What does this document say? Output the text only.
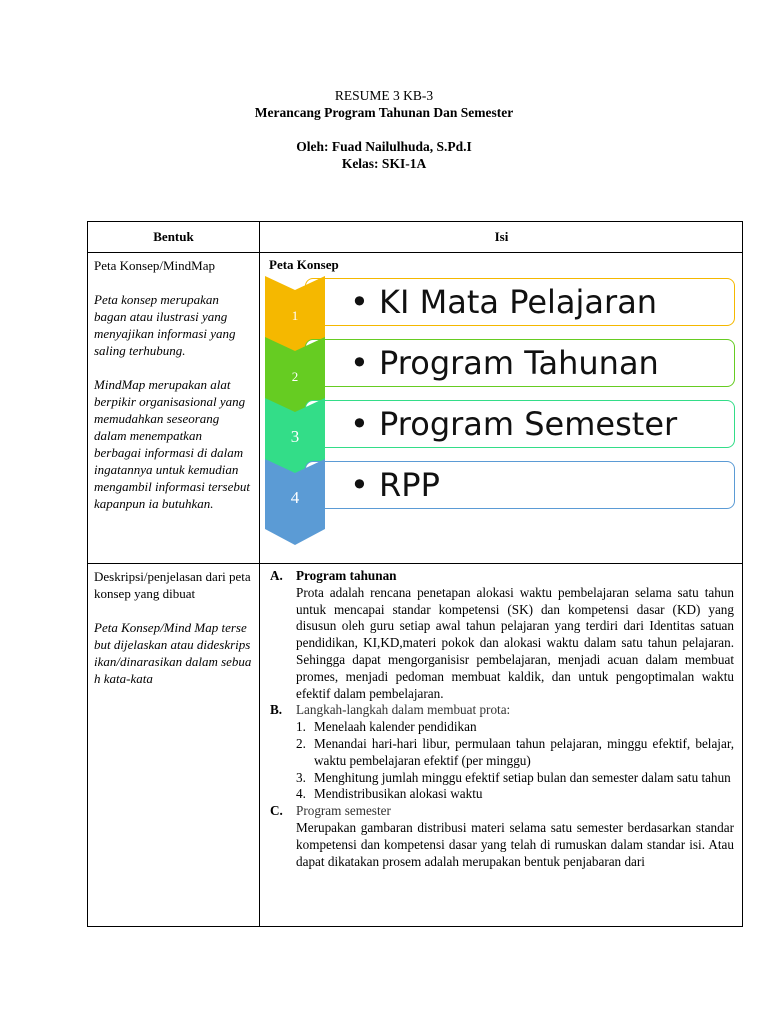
RESUME 3 KB-3
Merancang Program Tahunan Dan Semester
Oleh: Fuad Nailulhuda, S.Pd.I
Kelas: SKI-1A
Bentuk	Isi

Peta Konsep/MindMap

Peta konsep merupakan bagan atau ilustrasi yang menyajikan informasi yang saling terhubung.

MindMap merupakan alat berpikir organisasional yang memudahkan seseorang dalam menempatkan berbagai informasi di dalam ingatannya untuk kemudian mengambil informasi tersebut kapanpun ia butuhkan.

Peta Konsep
• KI Mata Pelajaran
1
• Program Tahunan
2
• Program Semester
3
• RPP
4

Deskripsi/penjelasan dari peta konsep yang dibuat

Peta Konsep/Mind Map tersebut dijelaskan atau dideskripsikan/dinarasikan dalam sebuah kata-kata

A. Program tahunan
Prota adalah rencana penetapan alokasi waktu pembelajaran selama satu tahun untuk mencapai standar kompetensi (SK) dan kompetensi dasar (KD) yang disusun oleh guru setiap awal tahun pelajaran yang terdiri dari Identitas satuan pendidikan, KI,KD,materi pokok dan alokasi waktu dalam satu tahun pelajaran. Sehingga dapat mengorganisisr pembelajaran, menjadi acuan dalam membuat promes, menjadi pedoman membuat kaldik, dan untuk pengoptimalan waktu efektif dalam pembelajaran.
B. Langkah-langkah dalam membuat prota:
1. Menelaah kalender pendidikan
2. Menandai hari-hari libur, permulaan tahun pelajaran, minggu efektif, belajar, waktu pembelajaran efektif (per minggu)
3. Menghitung jumlah minggu efektif setiap bulan dan semester dalam satu tahun
4. Mendistribusikan alokasi waktu
C. Program semester
Merupakan gambaran distribusi materi selama satu semester berdasarkan standar kompetensi dan kompetensi dasar yang telah di rumuskan dalam standar isi. Atau dapat dikatakan prosem adalah merupakan bentuk penjabaran dari
